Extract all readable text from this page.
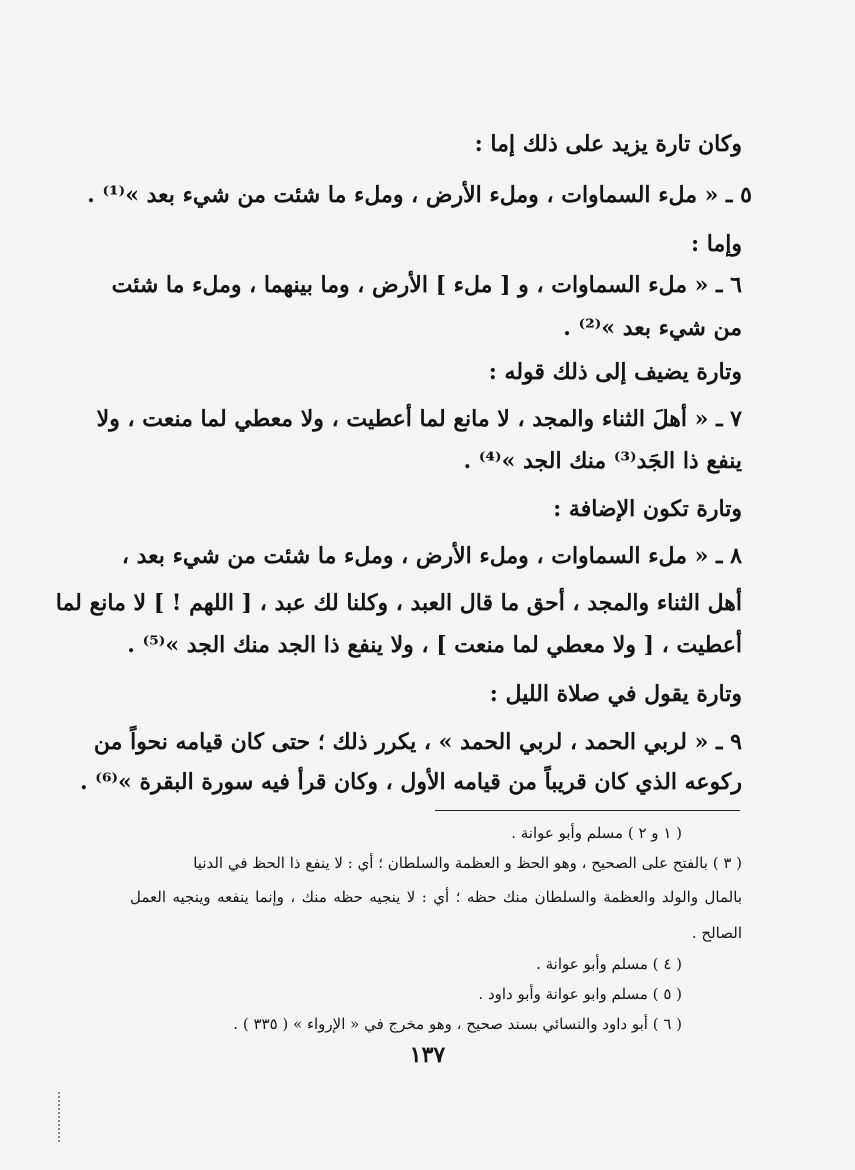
وكان تارة يزيد على ذلك إما :
٥ ـ « ملء السماوات ، وملء الأرض ، وملء ما شئت من شيء بعد »⁽¹⁾ .
وإما :
٦ ـ « ملء السماوات ، و [ ملء ] الأرض ، وما بينهما ، وملء ما شئت
من شيء بعد »⁽²⁾ .
وتارة يضيف إلى ذلك قوله :
٧ ـ « أهلَ الثناء والمجد ، لا مانع لما أعطيت ، ولا معطي لما منعت ، ولا
ينفع ذا الجَد⁽³⁾ منك الجد »⁽⁴⁾ .
وتارة تكون الإضافة :
٨ ـ « ملء السماوات ، وملء الأرض ، وملء ما شئت من شيء بعد ،
أهل الثناء والمجد ، أحق ما قال العبد ، وكلنا لك عبد ، [ اللهم ! ] لا مانع لما
أعطيت ، [ ولا معطي لما منعت ] ، ولا ينفع ذا الجد منك الجد »⁽⁵⁾ .
وتارة يقول في صلاة الليل :
٩ ـ « لربي الحمد ، لربي الحمد » ، يكرر ذلك ؛ حتى كان قيامه نحواً من
ركوعه الذي كان قريباً من قيامه الأول ، وكان قرأ فيه سورة البقرة »⁽⁶⁾ .
( ١ و ٢ ) مسلم وأبو عوانة .
( ٣ ) بالفتح على الصحيح ، وهو الحظ و العظمة والسلطان ؛ أي : لا ينفع ذا الحظ في الدنيا
بالمال والولد والعظمة والسلطان منك حظه ؛ أي : لا ينجيه حظه منك ، وإنما ينفعه وينجيه العمل
الصالح .
( ٤ ) مسلم وأبو عوانة .
( ٥ ) مسلم وابو عوانة وأبو داود .
( ٦ ) أبو داود والنسائي بسند صحيح ، وهو مخرج في « الإرواء » ( ٣٣٥ ) .
١٣٧
